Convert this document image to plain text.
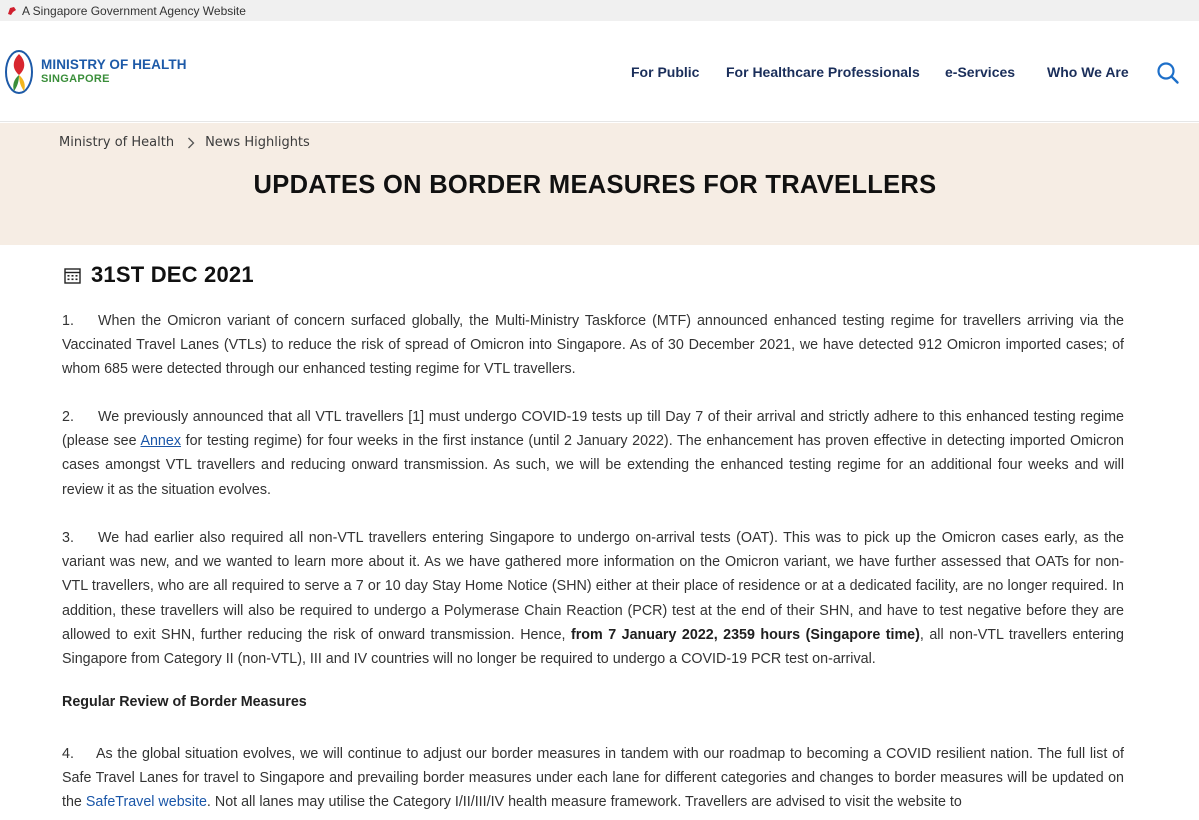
A Singapore Government Agency Website
MINISTRY OF HEALTH
SINGAPORE	For Public For Healthcare Professionals e-Services Who We Are
Ministry of Health News Highlights
UPDATES ON BORDER MEASURES FOR TRAVELLERS
31ST DEC 2021
1. When the Omicron variant of concern surfaced globally, the Multi-Ministry Taskforce (MTF) announced enhanced testing regime for travellers arriving via the Vaccinated Travel Lanes (VTLs) to reduce the risk of spread of Omicron into Singapore. As of 30 December 2021, we have detected 912 Omicron imported cases; of whom 685 were detected through our enhanced testing regime for VTL travellers.
2. We previously announced that all VTL travellers [1] must undergo COVID-19 tests up till Day 7 of their arrival and strictly adhere to this enhanced testing regime (please see Annex for testing regime) for four weeks in the first instance (until 2 January 2022). The enhancement has proven effective in detecting imported Omicron cases amongst VTL travellers and reducing onward transmission. As such, we will be extending the enhanced testing regime for an additional four weeks and will review it as the situation evolves.
3. We had earlier also required all non-VTL travellers entering Singapore to undergo on-arrival tests (OAT). This was to pick up the Omicron cases early, as the variant was new, and we wanted to learn more about it. As we have gathered more information on the Omicron variant, we have further assessed that OATs for non-VTL travellers, who are all required to serve a 7 or 10 day Stay Home Notice (SHN) either at their place of residence or at a dedicated facility, are no longer required. In addition, these travellers will also be required to undergo a Polymerase Chain Reaction (PCR) test at the end of their SHN, and have to test negative before they are allowed to exit SHN, further reducing the risk of onward transmission. Hence, from 7 January 2022, 2359 hours (Singapore time), all non-VTL travellers entering Singapore from Category II (non-VTL), III and IV countries will no longer be required to undergo a COVID-19 PCR test on-arrival.
Regular Review of Border Measures
4. As the global situation evolves, we will continue to adjust our border measures in tandem with our roadmap to becoming a COVID resilient nation. The full list of Safe Travel Lanes for travel to Singapore and prevailing border measures under each lane for different categories and changes to border measures will be updated on the SafeTravel website. Not all lanes may utilise the Category I/II/III/IV health measure framework. Travellers are advised to visit the website to
